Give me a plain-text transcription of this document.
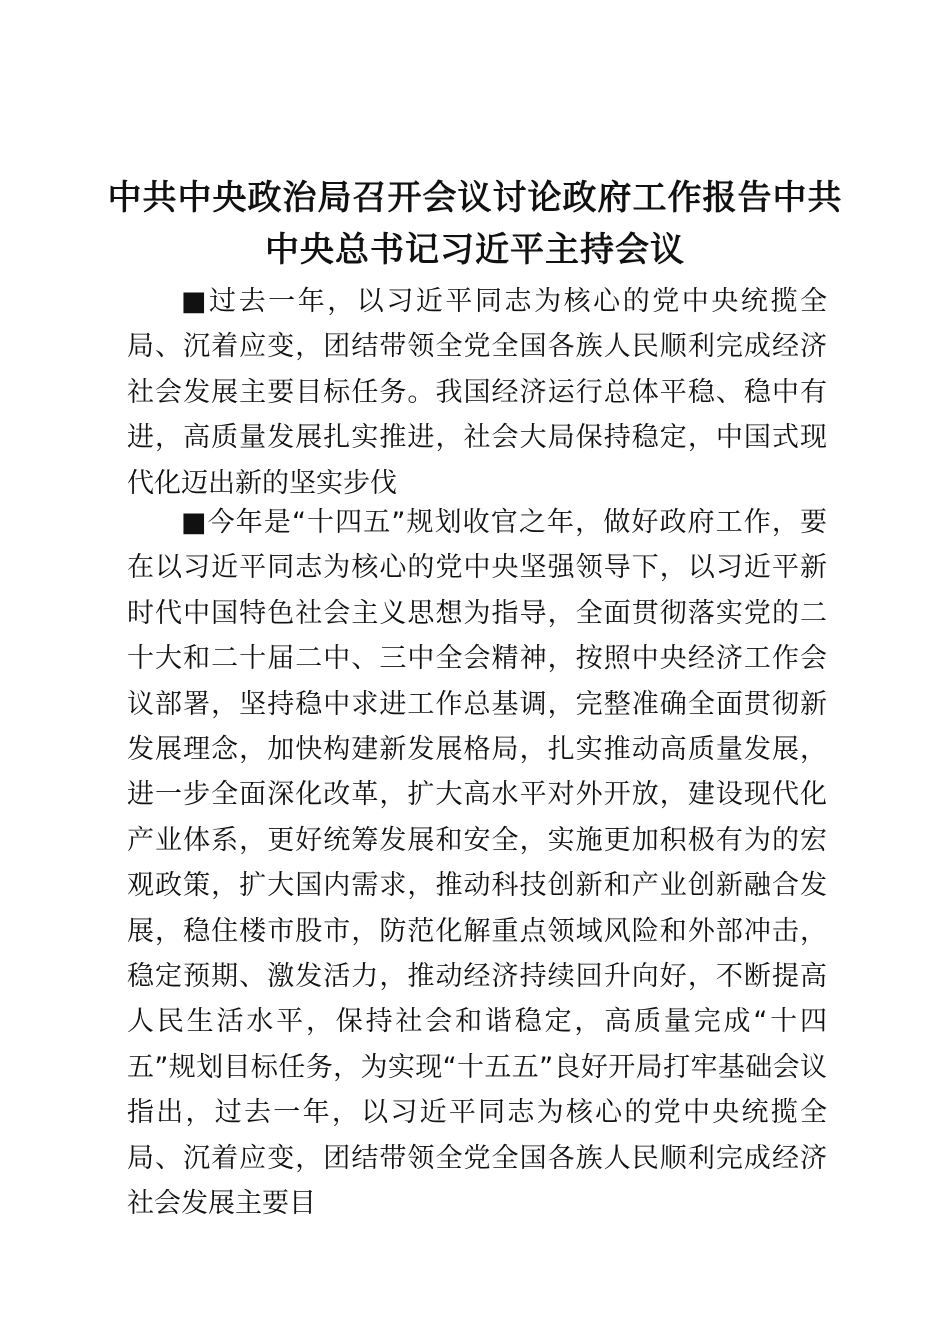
中共中央政治局召开会议讨论政府工作报告中共中央总书记习近平主持会议

■过去一年，以习近平同志为核心的党中央统揽全局、沉着应变，团结带领全党全国各族人民顺利完成经济社会发展主要目标任务。我国经济运行总体平稳、稳中有进，高质量发展扎实推进，社会大局保持稳定，中国式现代化迈出新的坚实步伐

■今年是“十四五”规划收官之年，做好政府工作，要在以习近平同志为核心的党中央坚强领导下，以习近平新时代中国特色社会主义思想为指导，全面贯彻落实党的二十大和二十届二中、三中全会精神，按照中央经济工作会议部署，坚持稳中求进工作总基调，完整准确全面贯彻新发展理念，加快构建新发展格局，扎实推动高质量发展，进一步全面深化改革，扩大高水平对外开放，建设现代化产业体系，更好统筹发展和安全，实施更加积极有为的宏观政策，扩大国内需求，推动科技创新和产业创新融合发展，稳住楼市股市，防范化解重点领域风险和外部冲击，稳定预期、激发活力，推动经济持续回升向好，不断提高人民生活水平，保持社会和谐稳定，高质量完成“十四五”规划目标任务，为实现“十五五”良好开局打牢基础会议指出，过去一年，以习近平同志为核心的党中央统揽全局、沉着应变，团结带领全党全国各族人民顺利完成经济社会发展主要目
